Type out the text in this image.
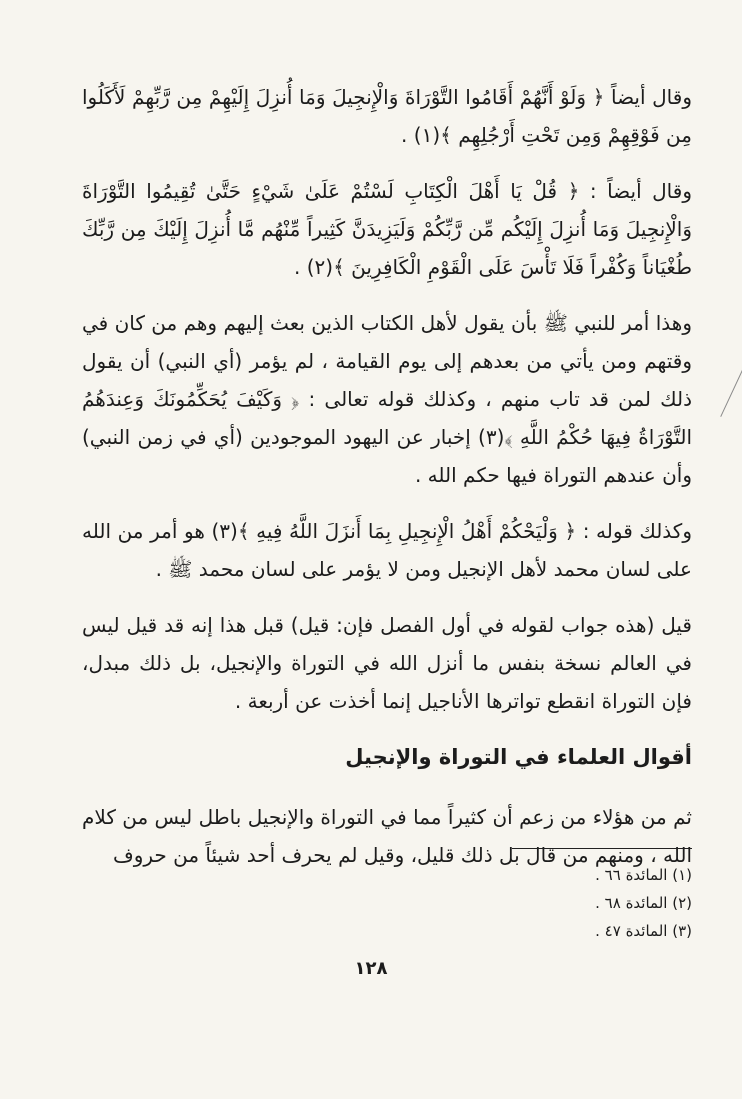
وقال أيضاً ﴿ وَلَوْ أَنَّهُمْ أَقَامُوا التَّوْرَاةَ وَالْإِنجِيلَ وَمَا أُنزِلَ إِلَيْهِمْ مِن رَّبِّهِمْ لَأَكَلُوا مِن فَوْقِهِمْ وَمِن تَحْتِ أَرْجُلِهِم ﴾(١) .

وقال أيضاً : ﴿ قُلْ يَا أَهْلَ الْكِتَابِ لَسْتُمْ عَلَىٰ شَيْءٍ حَتَّىٰ تُقِيمُوا التَّوْرَاةَ وَالْإِنجِيلَ وَمَا أُنزِلَ إِلَيْكُم مِّن رَّبِّكُمْ وَلَيَزِيدَنَّ كَثِيراً مِّنْهُم مَّا أُنزِلَ إِلَيْكَ مِن رَّبِّكَ طُغْيَاناً وَكُفْراً فَلَا تَأْسَ عَلَى الْقَوْمِ الْكَافِرِينَ ﴾(٢) .

وهذا أمر للنبي ﷺ بأن يقول لأهل الكتاب الذين بعث إليهم وهم من كان في وقتهم ومن يأتي من بعدهم إلى يوم القيامة ، لم يؤمر (أي النبي) أن يقول ذلك لمن قد تاب منهم ، وكذلك قوله تعالى : ﴿ وَكَيْفَ يُحَكِّمُونَكَ وَعِندَهُمُ التَّوْرَاةُ فِيهَا حُكْمُ اللَّهِ ﴾(٣) إخبار عن اليهود الموجودين (أي في زمن النبي) وأن عندهم التوراة فيها حكم الله .

وكذلك قوله : ﴿ وَلْيَحْكُمْ أَهْلُ الْإِنجِيلِ بِمَا أَنزَلَ اللَّهُ فِيهِ ﴾(٣) هو أمر من الله على لسان محمد لأهل الإنجيل ومن لا يؤمر على لسان محمد ﷺ .

قيل (هذه جواب لقوله في أول الفصل فإن: قيل) قبل هذا إنه قد قيل ليس في العالم نسخة بنفس ما أنزل الله في التوراة والإنجيل، بل ذلك مبدل، فإن التوراة انقطع تواترها الأناجيل إنما أخذت عن أربعة .

أقوال العلماء في التوراة والإنجيل

ثم من هؤلاء من زعم أن كثيراً مما في التوراة والإنجيل باطل ليس من كلام الله ، ومنهم من قال بل ذلك قليل، وقيل لم يحرف أحد شيئاً من حروف

(١) المائدة ٦٦ .
(٢) المائدة ٦٨ .
(٣) المائدة ٤٧ .
١٢٨
